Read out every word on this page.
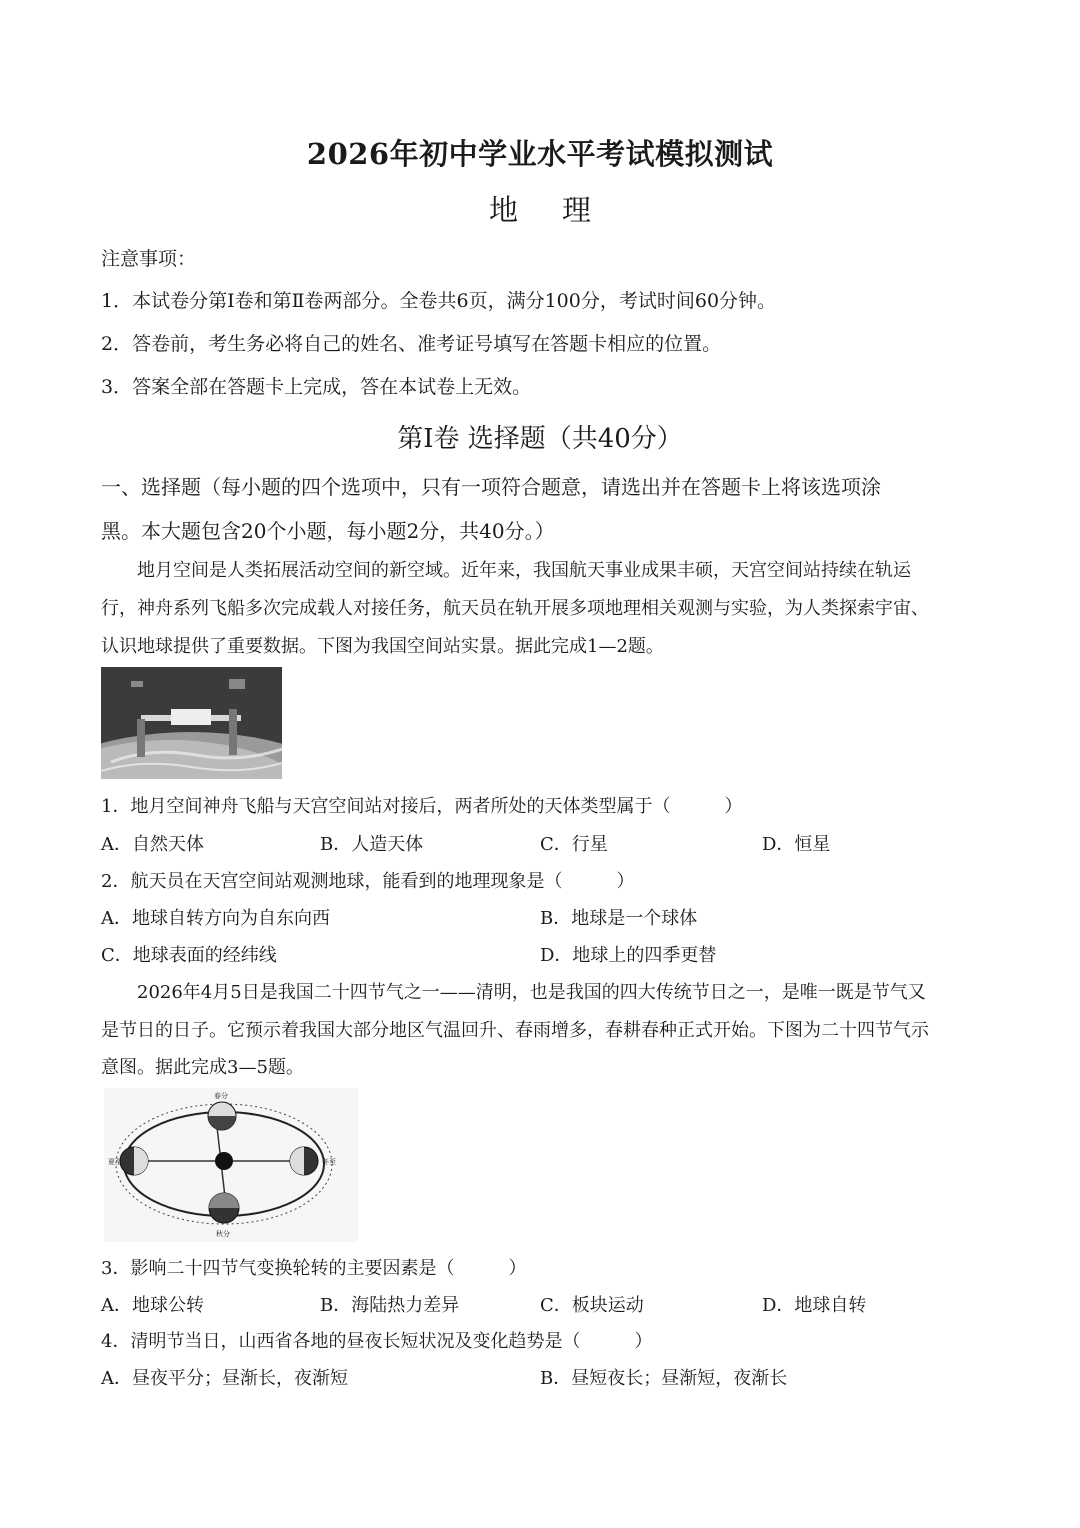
2026年初中学业水平考试模拟测试
地 理
注意事项：
1．本试卷分第Ⅰ卷和第Ⅱ卷两部分。全卷共6页，满分100分，考试时间60分钟。
2．答卷前，考生务必将自己的姓名、准考证号填写在答题卡相应的位置。
3．答案全部在答题卡上完成，答在本试卷上无效。
第Ⅰ卷 选择题（共40分）
一、选择题（每小题的四个选项中，只有一项符合题意，请选出并在答题卡上将该选项涂
黑。本大题包含20个小题，每小题2分，共40分。）
地月空间是人类拓展活动空间的新空域。近年来，我国航天事业成果丰硕，天宫空间站持续在轨运
行，神舟系列飞船多次完成载人对接任务，航天员在轨开展多项地理相关观测与实验，为人类探索宇宙、
认识地球提供了重要数据。下图为我国空间站实景。据此完成1—2题。
1．地月空间神舟飞船与天宫空间站对接后，两者所处的天体类型属于（　　　）
A．自然天体	B．人造天体	C．行星	D．恒星
2．航天员在天宫空间站观测地球，能看到的地理现象是（　　　）
A．地球自转方向为自东向西	B．地球是一个球体
C．地球表面的经纬线	D．地球上的四季更替
2026年4月5日是我国二十四节气之一——清明，也是我国的四大传统节日之一，是唯一既是节气又
是节日的日子。它预示着我国大部分地区气温回升、春雨增多，春耕春种正式开始。下图为二十四节气示
意图。据此完成3—5题。
夏至	冬至
春分
秋分
3．影响二十四节气变换轮转的主要因素是（　　　）
A．地球公转	B．海陆热力差异	C．板块运动	D．地球自转
4．清明节当日，山西省各地的昼夜长短状况及变化趋势是（　　　）
A．昼夜平分；昼渐长，夜渐短	B．昼短夜长；昼渐短，夜渐长
